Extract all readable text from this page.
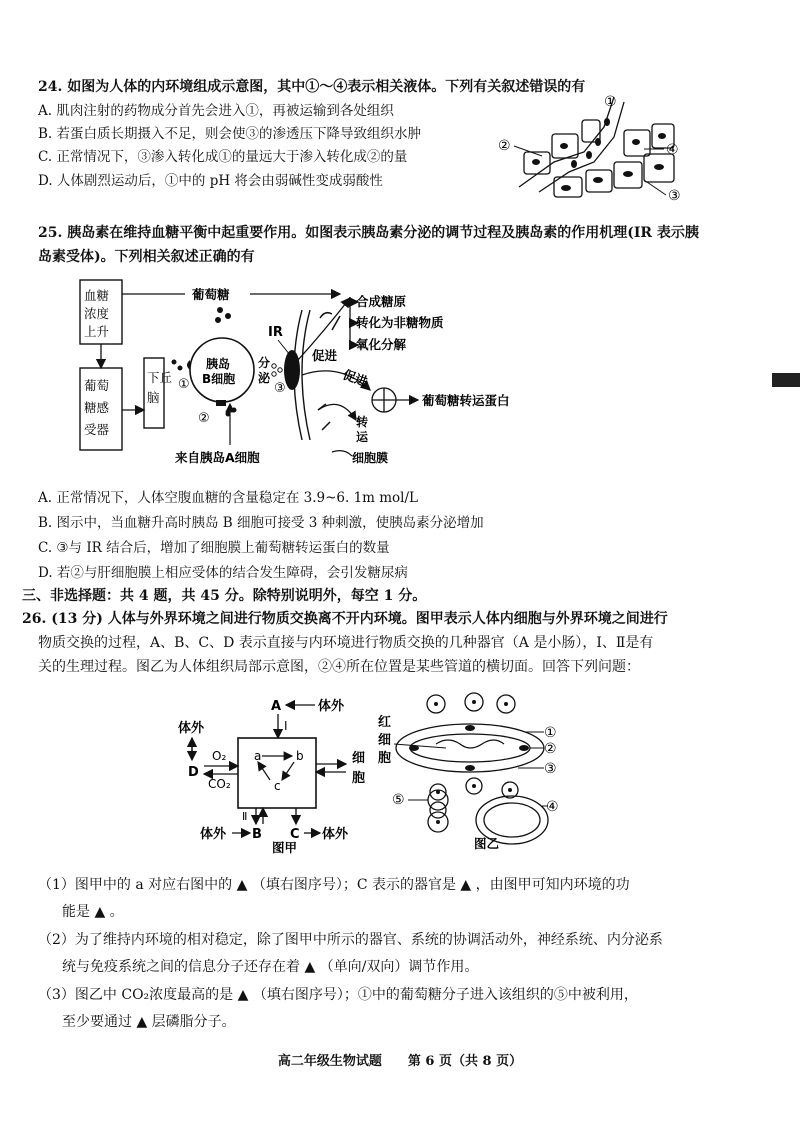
24. 如图为人体的内环境组成示意图，其中①～④表示相关液体。下列有关叙述错误的有
A. 肌肉注射的药物成分首先会进入①，再被运输到各处组织
B. 若蛋白质长期摄入不足，则会使③的渗透压下降导致组织水肿
C. 正常情况下，③渗入转化成①的量远大于渗入转化成②的量
D. 人体剧烈运动后，①中的 pH 将会由弱碱性变成弱酸性
①
②	④
③
25. 胰岛素在维持血糖平衡中起重要作用。如图表示胰岛素分泌的调节过程及胰岛素的作用机理(IR 表示胰
岛素受体)。下列相关叙述正确的有
血糖
浓度
上升
葡萄
糖感
受器
下丘
脑
葡萄糖
胰岛
B细胞
①
②
来自胰岛A细胞
分
泌
③
IR
合成糖原
转化为非糖物质
氧化分解
促进
促进
葡萄糖转运蛋白
转
运
细胞膜
A. 正常情况下，人体空腹血糖的含量稳定在 3.9~6. 1m mol/L
B. 图示中，当血糖升高时胰岛 B 细胞可接受 3 种刺激，使胰岛素分泌增加
C. ③与 IR 结合后，增加了细胞膜上葡萄糖转运蛋白的数量
D. 若②与肝细胞膜上相应受体的结合发生障碍，会引发糖尿病
三、非选择题：共 4 题，共 45 分。除特别说明外，每空 1 分。
26. (13 分) 人体与外界环境之间进行物质交换离不开内环境。图甲表示人体内细胞与外界环境之间进行
物质交换的过程，A、B、C、D 表示直接与内环境进行物质交换的几种器官（A 是小肠），Ⅰ、Ⅱ是有
关的生理过程。图乙为人体组织局部示意图，②④所在位置是某些管道的横切面。回答下列问题：
A	体外
I
体外
D
O₂
CO₂
a	b
c
细
胞
Ⅱ
体外 B C 体外
图甲
红
细
胞
①
②
③
④
⑤
图乙
（1）图甲中的 a 对应右图中的 ▲ （填右图序号）；C 表示的器官是 ▲ ，由图甲可知内环境的功
能是 ▲ 。
（2）为了维持内环境的相对稳定，除了图甲中所示的器官、系统的协调活动外，神经系统、内分泌系
统与免疫系统之间的信息分子还存在着 ▲ （单向/双向）调节作用。
（3）图乙中 CO₂浓度最高的是 ▲ （填右图序号）；①中的葡萄糖分子进入该组织的⑤中被利用，
至少要通过 ▲ 层磷脂分子。
高二年级生物试题　　第 6 页（共 8 页）
